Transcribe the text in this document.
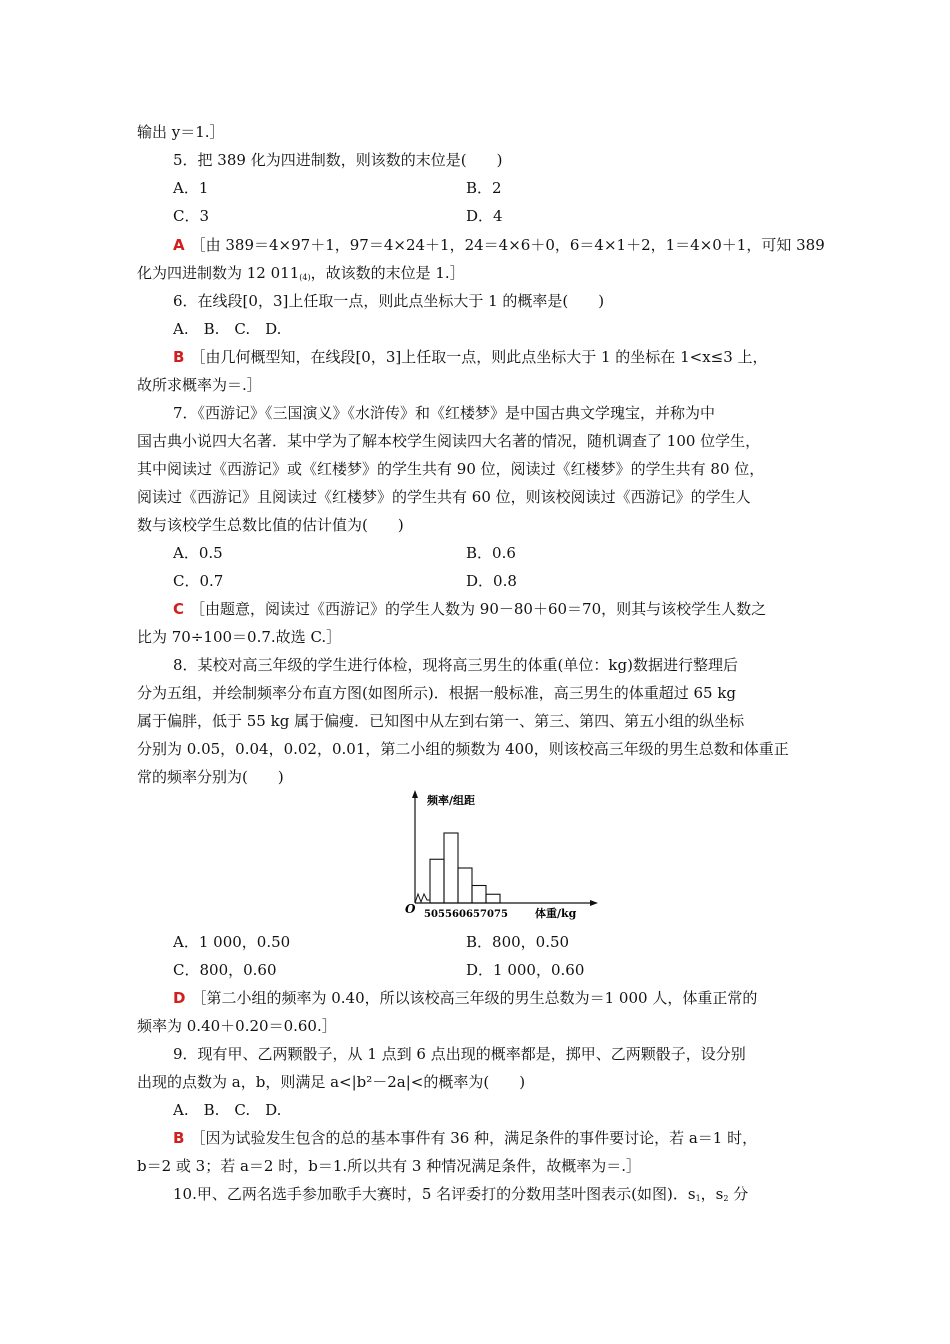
输出 y＝1.］
5．把 389 化为四进制数，则该数的末位是(　　)
A．1	B．2
C．3	D．4
A ［由 389＝4×97＋1，97＝4×24＋1，24＝4×6＋0，6＝4×1＋2，1＝4×0＋1，可知 389
化为四进制数为 12 $011_{(4)}$，故该数的末位是 1.］
6．在线段[0，3]上任取一点，则此点坐标大于 1 的概率是(　　)
A.　B.　C.　D.
B ［由几何概型知，在线段[0，3]上任取一点，则此点坐标大于 1 的坐标在 1<x≤3 上，
故所求概率为＝.］
7．《西游记》《三国演义》《水浒传》和《红楼梦》是中国古典文学瑰宝，并称为中
国古典小说四大名著．某中学为了解本校学生阅读四大名著的情况，随机调查了 100 位学生，
其中阅读过《西游记》或《红楼梦》的学生共有 90 位，阅读过《红楼梦》的学生共有 80 位，
阅读过《西游记》且阅读过《红楼梦》的学生共有 60 位，则该校阅读过《西游记》的学生人
数与该校学生总数比值的估计值为(　　)
A．0.5	B．0.6
C．0.7	D．0.8
C ［由题意，阅读过《西游记》的学生人数为 90－80＋60＝70，则其与该校学生人数之
比为 70÷100＝0.7.故选 C.］
8．某校对高三年级的学生进行体检，现将高三男生的体重(单位：kg)数据进行整理后
分为五组，并绘制频率分布直方图(如图所示)．根据一般标准，高三男生的体重超过 65 kg
属于偏胖，低于 55 kg 属于偏瘦．已知图中从左到右第一、第三、第四、第五小组的纵坐标
分别为 0.05，0.04，0.02，0.01，第二小组的频数为 400，则该校高三年级的男生总数和体重正
常的频率分别为(　　)
频率/组距
体重/kg
O 50 55 60 65 70 75
A．1 000，0.50	B．800，0.50
C．800，0.60	D．1 000，0.60
D ［第二小组的频率为 0.40，所以该校高三年级的男生总数为＝1 000 人，体重正常的
频率为 0.40＋0.20＝0.60.］
9．现有甲、乙两颗骰子，从 1 点到 6 点出现的概率都是，掷甲、乙两颗骰子，设分别
出现的点数为 a，b，则满足 a<|b²－2a|<的概率为(　　)
A.　B.　C.　D.
B ［因为试验发生包含的总的基本事件有 36 种，满足条件的事件要讨论，若 a＝1 时，
b＝2 或 3；若 a＝2 时，b＝1.所以共有 3 种情况满足条件，故概率为＝.］
10.甲、乙两名选手参加歌手大赛时，5 名评委打的分数用茎叶图表示(如图)．$s_1$，$s_2$ 分
